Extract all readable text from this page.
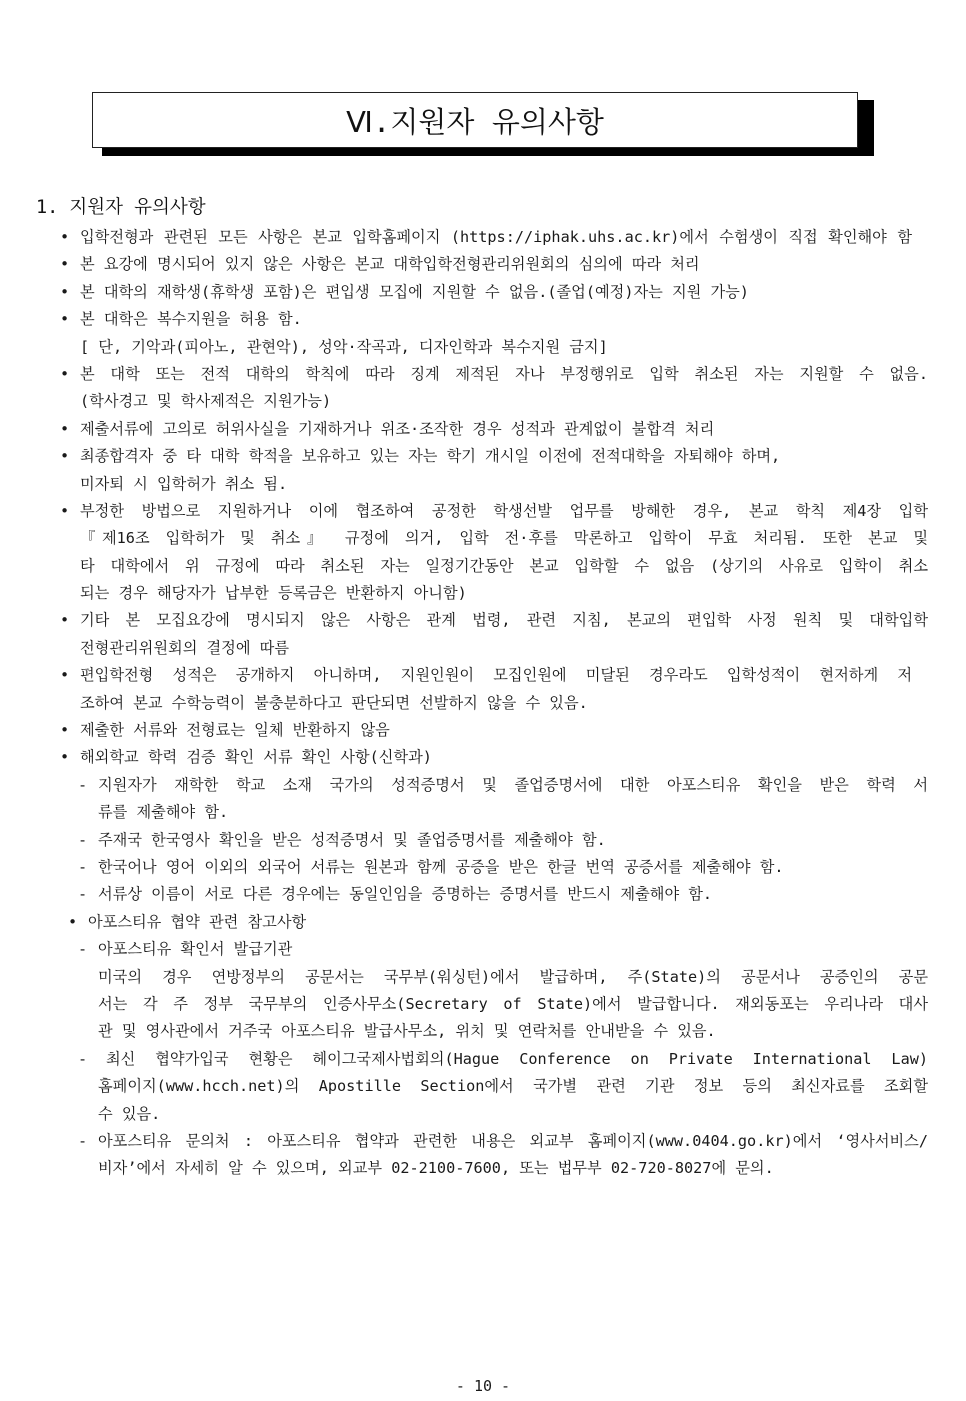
Ⅵ.지원자 유의사항
1. 지원자 유의사항
• 입학전형과 관련된 모든 사항은 본교 입학홈페이지 (https://iphak.uhs.ac.kr)에서 수험생이 직접 확인해야 함
• 본 요강에 명시되어 있지 않은 사항은 본교 대학입학전형관리위원회의 심의에 따라 처리
• 본 대학의 재학생(휴학생 포함)은 편입생 모집에 지원할 수 없음.(졸업(예정)자는 지원 가능)
• 본 대학은 복수지원을 허용 함.
[ 단, 기악과(피아노, 관현악), 성악·작곡과, 디자인학과 복수지원 금지]
• 본 대학 또는 전적 대학의 학칙에 따라 징계 제적된 자나 부정행위로 입학 취소된 자는 지원할 수 없음.
(학사경고 및 학사제적은 지원가능)
• 제출서류에 고의로 허위사실을 기재하거나 위조·조작한 경우 성적과 관계없이 불합격 처리
• 최종합격자 중 타 대학 학적을 보유하고 있는 자는 학기 개시일 이전에 전적대학을 자퇴해야 하며,
미자퇴 시 입학허가 취소 됨.
• 부정한 방법으로 지원하거나 이에 협조하여 공정한 학생선발 업무를 방해한 경우, 본교 학칙 제4장 입학
『제16조 입학허가 및 취소』 규정에 의거, 입학 전·후를 막론하고 입학이 무효 처리됨. 또한 본교 및
타 대학에서 위 규정에 따라 취소된 자는 일정기간동안 본교 입학할 수 없음 (상기의 사유로 입학이 취소
되는 경우 해당자가 납부한 등록금은 반환하지 아니함)
• 기타 본 모집요강에 명시되지 않은 사항은 관계 법령, 관련 지침, 본교의 편입학 사정 원칙 및 대학입학
전형관리위원회의 결정에 따름
• 편입학전형 성적은 공개하지 아니하며, 지원인원이 모집인원에 미달된 경우라도 입학성적이 현저하게 저
조하여 본교 수학능력이 불충분하다고 판단되면 선발하지 않을 수 있음.
• 제출한 서류와 전형료는 일체 반환하지 않음
• 해외학교 학력 검증 확인 서류 확인 사항(신학과)
- 지원자가 재학한 학교 소재 국가의 성적증명서 및 졸업증명서에 대한 아포스티유 확인을 받은 학력 서
류를 제출해야 함.
- 주재국 한국영사 확인을 받은 성적증명서 및 졸업증명서를 제출해야 함.
- 한국어나 영어 이외의 외국어 서류는 원본과 함께 공증을 받은 한글 번역 공증서를 제출해야 함.
- 서류상 이름이 서로 다른 경우에는 동일인임을 증명하는 증명서를 반드시 제출해야 함.
• 아포스티유 협약 관련 참고사항
- 아포스티유 확인서 발급기관
미국의 경우 연방정부의 공문서는 국무부(워싱턴)에서 발급하며, 주(State)의 공문서나 공증인의 공문
서는 각 주 정부 국무부의 인증사무소(Secretary of State)에서 발급합니다. 재외동포는 우리나라 대사
관 및 영사관에서 거주국 아포스티유 발급사무소, 위치 및 연락처를 안내받을 수 있음.
- 최신 협약가입국 현황은 헤이그국제사법회의(Hague Conference on Private International Law)
홈페이지(www.hcch.net)의 Apostille Section에서 국가별 관련 기관 정보 등의 최신자료를 조회할
수 있음.
- 아포스티유 문의처 : 아포스티유 협약과 관련한 내용은 외교부 홈페이지(www.0404.go.kr)에서 ‘영사서비스/
비자’에서 자세히 알 수 있으며, 외교부 02-2100-7600, 또는 법무부 02-720-8027에 문의.
- 10 -
